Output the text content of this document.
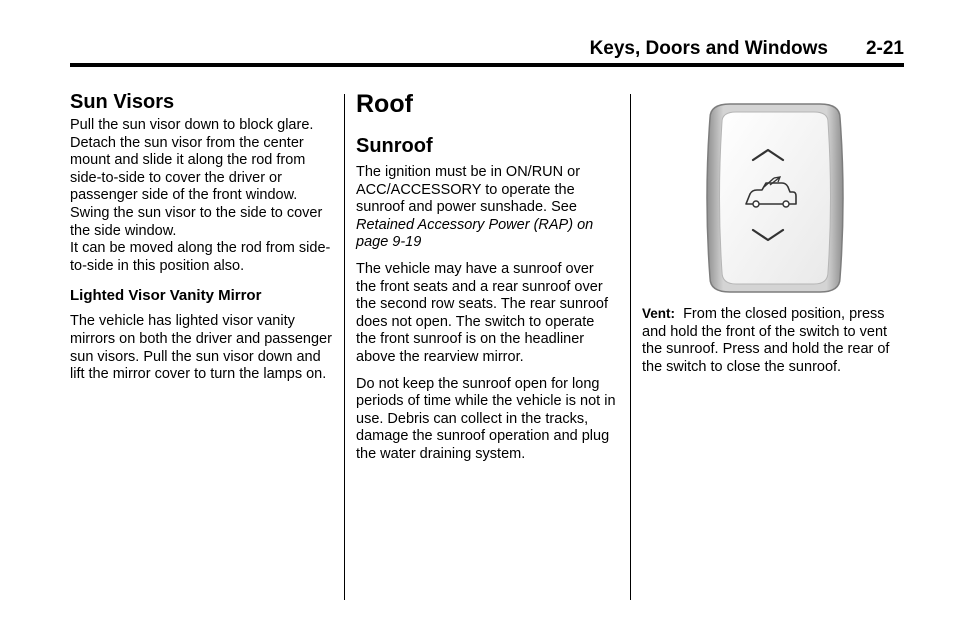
Keys, Doors and Windows 2-21
Sun Visors

Pull the sun visor down to block glare. Detach the sun visor from the center mount and slide it along the rod from side-to-side to cover the driver or passenger side of the front window. Swing the sun visor to the side to cover the side window.
It can be moved along the rod from side-to-side in this position also.

Lighted Visor Vanity Mirror

The vehicle has lighted visor vanity mirrors on both the driver and passenger sun visors. Pull the sun visor down and lift the mirror cover to turn the lamps on.

Roof
Sunroof

The ignition must be in ON/RUN or ACC/ACCESSORY to operate the sunroof and power sunshade. See Retained Accessory Power (RAP) on page 9-19

The vehicle may have a sunroof over the front seats and a rear sunroof over the second row seats. The rear sunroof does not open. The switch to operate the front sunroof is on the headliner above the rearview mirror.

Do not keep the sunroof open for long periods of time while the vehicle is not in use. Debris can collect in the tracks, damage the sunroof operation and plug the water draining system.

Vent: From the closed position, press and hold the front of the switch to vent the sunroof. Press and hold the rear of the switch to close the sunroof.
